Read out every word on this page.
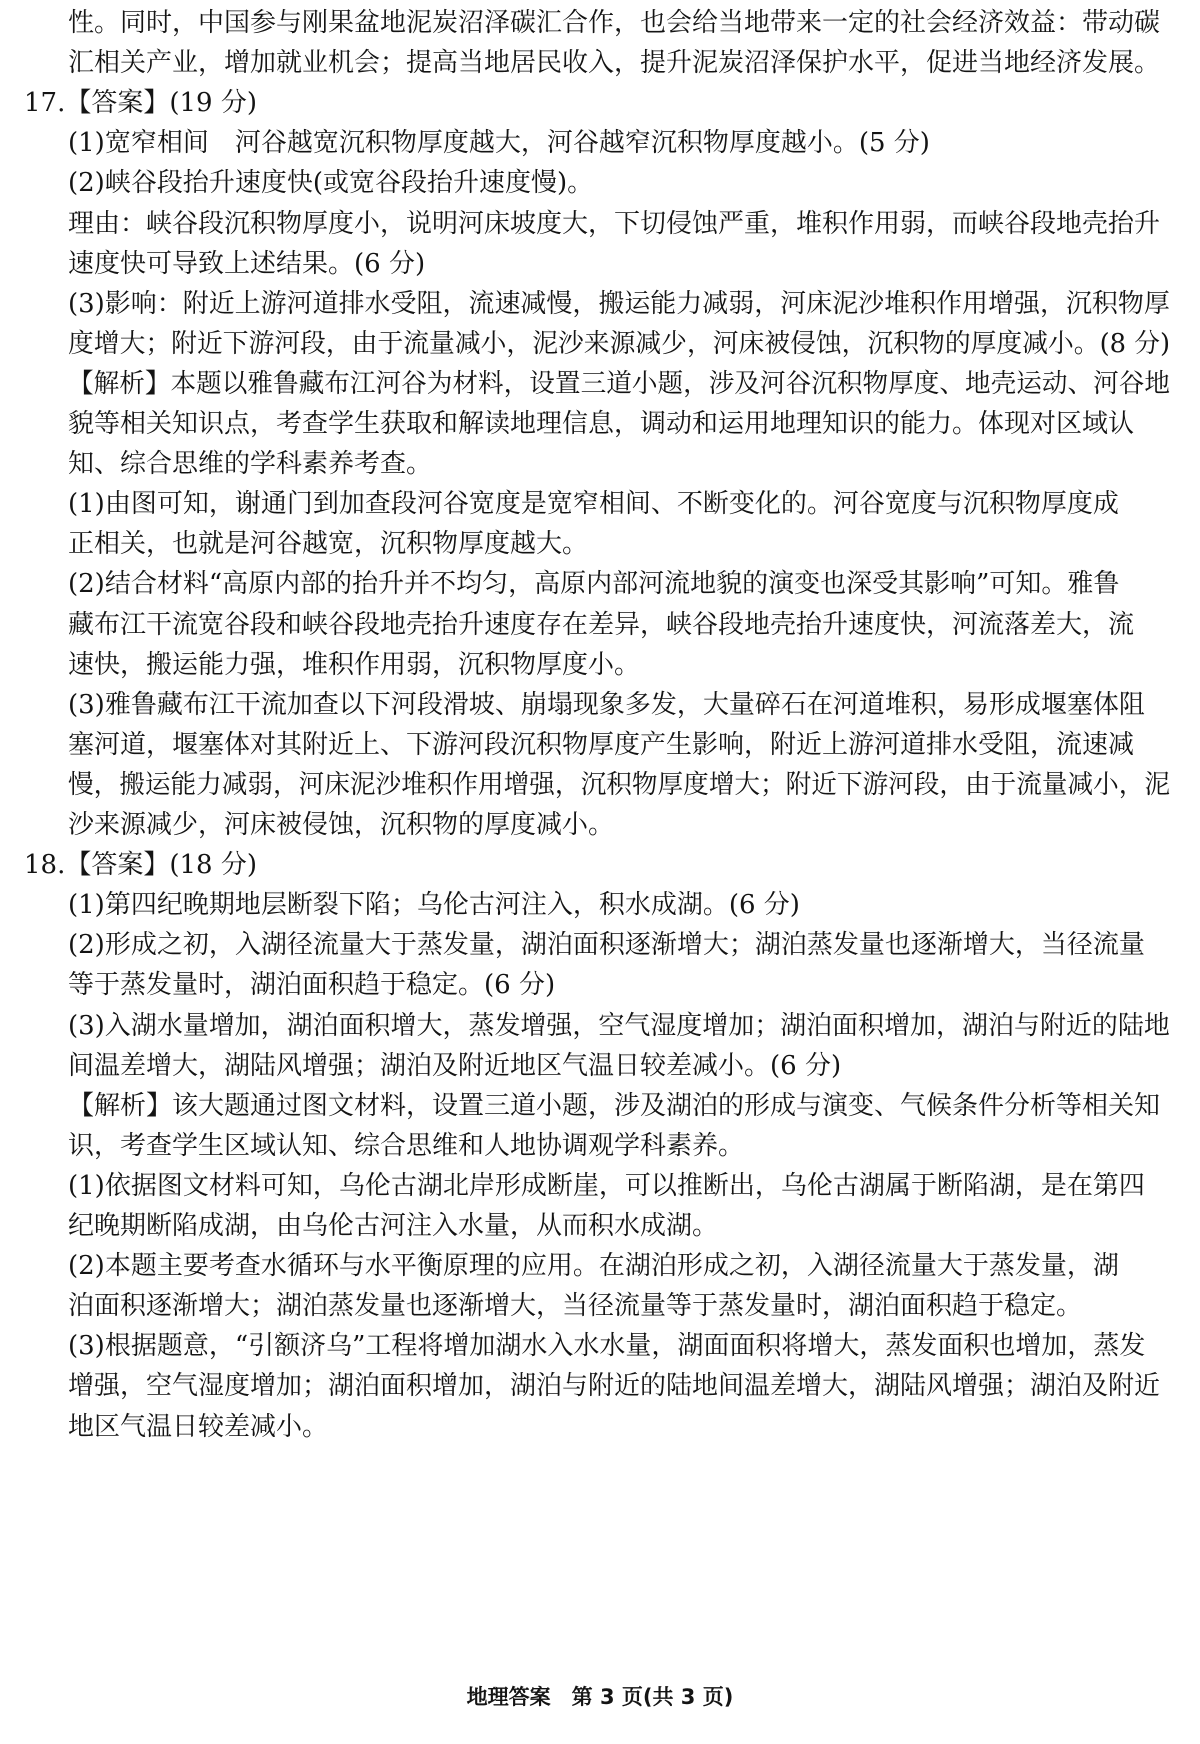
性。同时，中国参与刚果盆地泥炭沼泽碳汇合作，也会给当地带来一定的社会经济效益：带动碳
汇相关产业，增加就业机会；提高当地居民收入，提升泥炭沼泽保护水平，促进当地经济发展。
17.【答案】(19 分)
(1)宽窄相间　河谷越宽沉积物厚度越大，河谷越窄沉积物厚度越小。(5 分)
(2)峡谷段抬升速度快(或宽谷段抬升速度慢)。
理由：峡谷段沉积物厚度小，说明河床坡度大，下切侵蚀严重，堆积作用弱，而峡谷段地壳抬升
速度快可导致上述结果。(6 分)
(3)影响：附近上游河道排水受阻，流速减慢，搬运能力减弱，河床泥沙堆积作用增强，沉积物厚
度增大；附近下游河段，由于流量减小，泥沙来源减少，河床被侵蚀，沉积物的厚度减小。(8 分)
【解析】本题以雅鲁藏布江河谷为材料，设置三道小题，涉及河谷沉积物厚度、地壳运动、河谷地
貌等相关知识点，考查学生获取和解读地理信息，调动和运用地理知识的能力。体现对区域认
知、综合思维的学科素养考查。
(1)由图可知，谢通门到加查段河谷宽度是宽窄相间、不断变化的。河谷宽度与沉积物厚度成
正相关，也就是河谷越宽，沉积物厚度越大。
(2)结合材料“高原内部的抬升并不均匀，高原内部河流地貌的演变也深受其影响”可知。雅鲁
藏布江干流宽谷段和峡谷段地壳抬升速度存在差异，峡谷段地壳抬升速度快，河流落差大，流
速快，搬运能力强，堆积作用弱，沉积物厚度小。
(3)雅鲁藏布江干流加查以下河段滑坡、崩塌现象多发，大量碎石在河道堆积，易形成堰塞体阻
塞河道，堰塞体对其附近上、下游河段沉积物厚度产生影响，附近上游河道排水受阻，流速减
慢，搬运能力减弱，河床泥沙堆积作用增强，沉积物厚度增大；附近下游河段，由于流量减小，泥
沙来源减少，河床被侵蚀，沉积物的厚度减小。
18.【答案】(18 分)
(1)第四纪晚期地层断裂下陷；乌伦古河注入，积水成湖。(6 分)
(2)形成之初，入湖径流量大于蒸发量，湖泊面积逐渐增大；湖泊蒸发量也逐渐增大，当径流量
等于蒸发量时，湖泊面积趋于稳定。(6 分)
(3)入湖水量增加，湖泊面积增大，蒸发增强，空气湿度增加；湖泊面积增加，湖泊与附近的陆地
间温差增大，湖陆风增强；湖泊及附近地区气温日较差减小。(6 分)
【解析】该大题通过图文材料，设置三道小题，涉及湖泊的形成与演变、气候条件分析等相关知
识，考查学生区域认知、综合思维和人地协调观学科素养。
(1)依据图文材料可知，乌伦古湖北岸形成断崖，可以推断出，乌伦古湖属于断陷湖，是在第四
纪晚期断陷成湖，由乌伦古河注入水量，从而积水成湖。
(2)本题主要考查水循环与水平衡原理的应用。在湖泊形成之初，入湖径流量大于蒸发量，湖
泊面积逐渐增大；湖泊蒸发量也逐渐增大，当径流量等于蒸发量时，湖泊面积趋于稳定。
(3)根据题意，“引额济乌”工程将增加湖水入水水量，湖面面积将增大，蒸发面积也增加，蒸发
增强，空气湿度增加；湖泊面积增加，湖泊与附近的陆地间温差增大，湖陆风增强；湖泊及附近
地区气温日较差减小。
地理答案　第 3 页(共 3 页)
